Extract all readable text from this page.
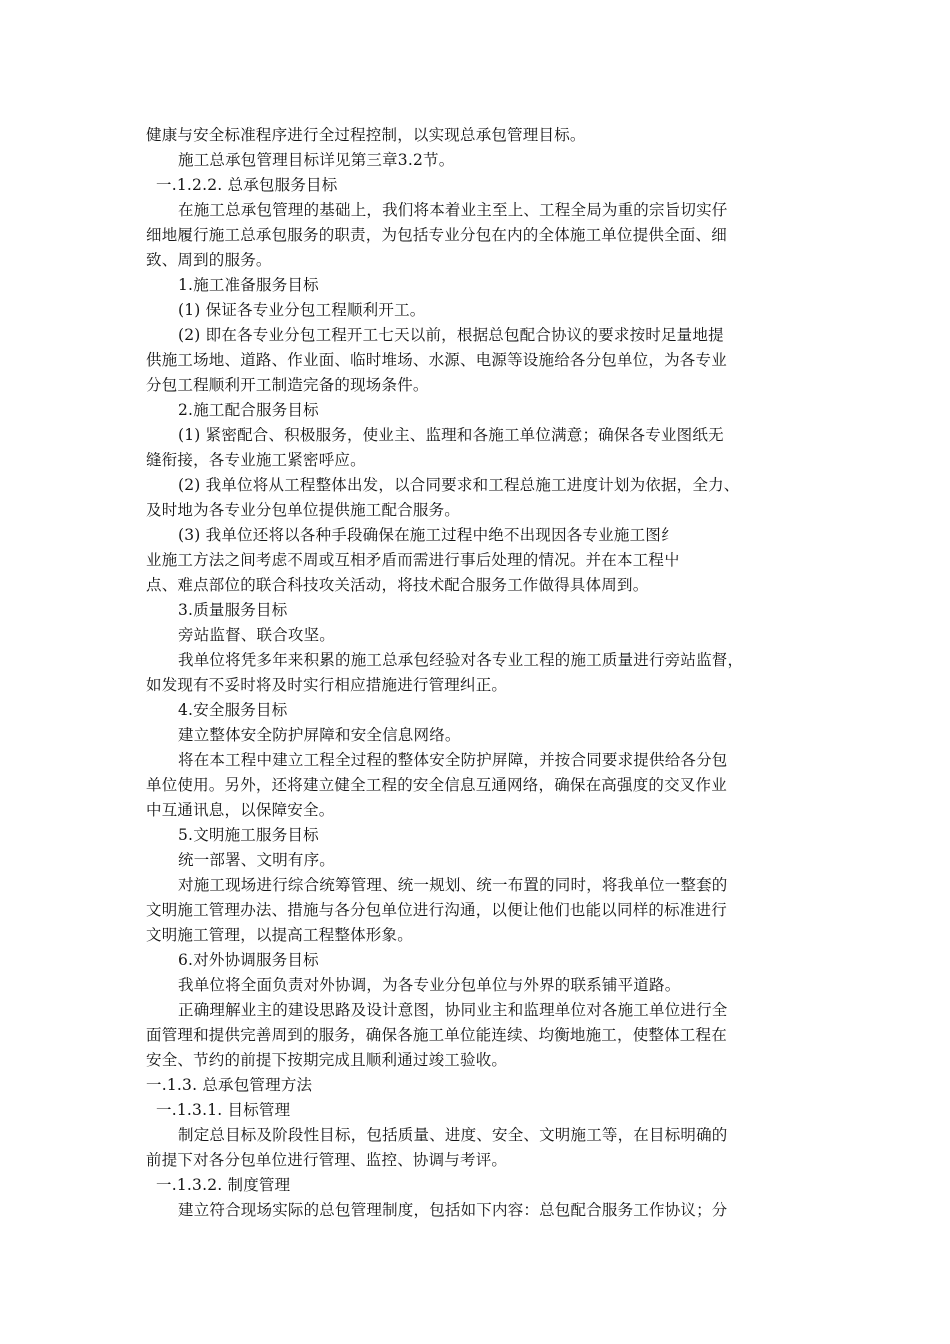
健康与安全标准程序进行全过程控制，以实现总承包管理目标。
施工总承包管理目标详见第三章3.2节。
一.1.2.2. 总承包服务目标
在施工总承包管理的基础上，我们将本着业主至上、工程全局为重的宗旨切实仔
细地履行施工总承包服务的职责，为包括专业分包在内的全体施工单位提供全面、细
致、周到的服务。
1.施工准备服务目标
(1) 保证各专业分包工程顺利开工。
(2) 即在各专业分包工程开工七天以前，根据总包配合协议的要求按时足量地提
供施工场地、道路、作业面、临时堆场、水源、电源等设施给各分包单位，为各专业
分包工程顺利开工制造完备的现场条件。
2.施工配合服务目标
(1) 紧密配合、积极服务，使业主、监理和各施工单位满意；确保各专业图纸无
缝衔接，各专业施工紧密呼应。
(2) 我单位将从工程整体出发，以合同要求和工程总施工进度计划为依据，全力、
及时地为各专业分包单位提供施工配合服务。
(3) 我单位还将以各种手段确保在施工过程中绝不出现因各专业施工图纟
业施工方法之间考虑不周或互相矛盾而需进行事后处理的情况。并在本工程屮
点、难点部位的联合科技攻关活动，将技术配合服务工作做得具体周到。
3.质量服务目标
旁站监督、联合攻坚。
我单位将凭多年来积累的施工总承包经验对各专业工程的施工质量进行旁站监督，
如发现有不妥时将及时实行相应措施进行管理纠正。
4.安全服务目标
建立整体安全防护屏障和安全信息网络。
将在本工程中建立工程全过程的整体安全防护屏障，并按合同要求提供给各分包
单位使用。另外，还将建立健全工程的安全信息互通网络，确保在高强度的交叉作业
中互通讯息，以保障安全。
5.文明施工服务目标
统一部署、文明有序。
对施工现场进行综合统筹管理、统一规划、统一布置的同时，将我单位一整套的
文明施工管理办法、措施与各分包单位进行沟通，以便让他们也能以同样的标准进行
文明施工管理，以提高工程整体形象。
6.对外协调服务目标
我单位将全面负责对外协调，为各专业分包单位与外界的联系铺平道路。
正确理解业主的建设思路及设计意图，协同业主和监理单位对各施工单位进行全
面管理和提供完善周到的服务，确保各施工单位能连续、均衡地施工，使整体工程在
安全、节约的前提下按期完成且顺利通过竣工验收。
一.1.3. 总承包管理方法
一.1.3.1. 目标管理
制定总目标及阶段性目标，包括质量、进度、安全、文明施工等，在目标明确的
前提下对各分包单位进行管理、监控、协调与考评。
一.1.3.2. 制度管理
建立符合现场实际的总包管理制度，包括如下内容：总包配合服务工作协议；分
